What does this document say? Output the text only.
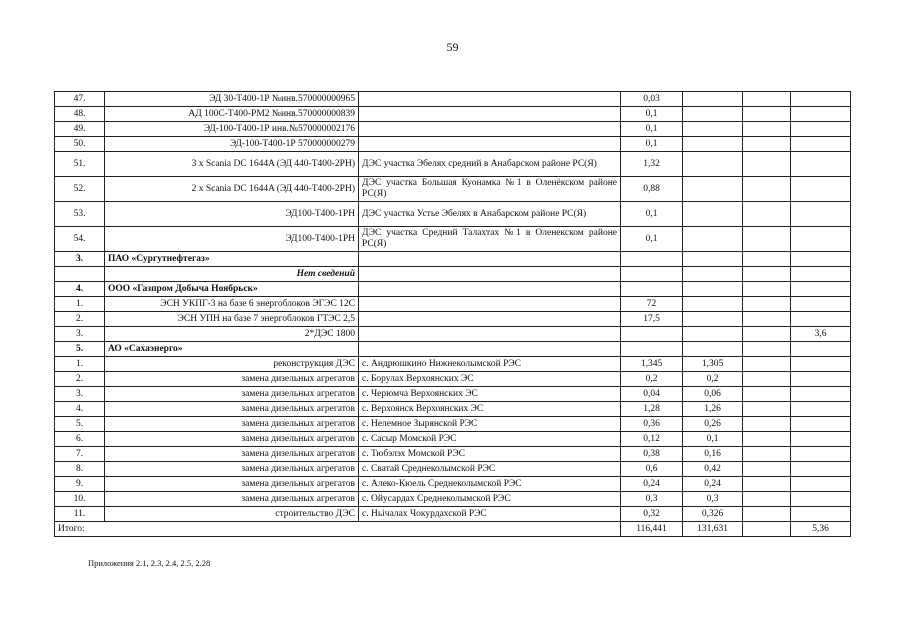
59
47.	ЭД 30-Т400-1Р №инв.570000000965		0,03			
48.	АД 100С-Т400-РМ2 №инв.570000000839		0,1			
49.	ЭД-100-Т400-1Р инв.№570000002176		0,1			
50.	ЭД-100-Т400-1Р 570000000279		0,1			
51.	3 x Scania DC 1644A (ЭД 440-Т400-2РН)	ДЭС участка Эбелях средний в Анабарском районе РС(Я)	1,32			
52.	2 x Scania DC 1644A (ЭД 440-Т400-2РН)	ДЭС участка Большая Куонамка №1 в Оленёкском районе РС(Я)	0,88			
53.	ЭД100-Т400-1РН	ДЭС участка Устье Эбелях в Анабарском районе РС(Я)	0,1			
54.	ЭД100-Т400-1РН	ДЭС участка Средний Талахтах №1 в Оленекском районе РС(Я)	0,1			
3.	ПАО «Сургутнефтегаз»					
	Нет сведений					
4.	ООО «Газпром Добыча Ноябрьск»					
1.	ЭСН УКПГ-3 на базе 6 энергоблоков ЭГЭС 12С		72			
2.	ЭСН УПН на базе 7 энергоблоков ГТЭС 2,5		17,5			
3.	2*ДЭС 1800					3,6
5.	АО «Сахаэнерго»					
1.	реконструкция ДЭС	с. Андрюшкино Нижнеколымской РЭС	1,345	1,305		
2.	замена дизельных агрегатов	с. Борулах Верхоянских ЭС	0,2	0,2		
3.	замена дизельных агрегатов	с. Черюмча Верхоянских ЭС	0,04	0,06		
4.	замена дизельных агрегатов	с. Верхоянск Верхоянских ЭС	1,28	1,26		
5.	замена дизельных агрегатов	с. Нелемное Зырянской РЭС	0,36	0,26		
6.	замена дизельных агрегатов	с. Сасыр Момской РЭС	0,12	0,1		
7.	замена дизельных агрегатов	с. Тюбэлэх Момской РЭС	0,38	0,16		
8.	замена дизельных агрегатов	с. Сватай Среднеколымской РЭС	0,6	0,42		
9.	замена дизельных агрегатов	с. Алеко-Кюель Среднеколымской РЭС	0,24	0,24		
10.	замена дизельных агрегатов	с. Ойусардах Среднеколымской РЭС	0,3	0,3		
11.	строительство ДЭС	с. Ньічалах Чокурдахской РЭС	0,32	0,326		
Итого:			116,441	131,631		5,36
Приложения 2.1, 2.3, 2.4, 2.5, 2.28
